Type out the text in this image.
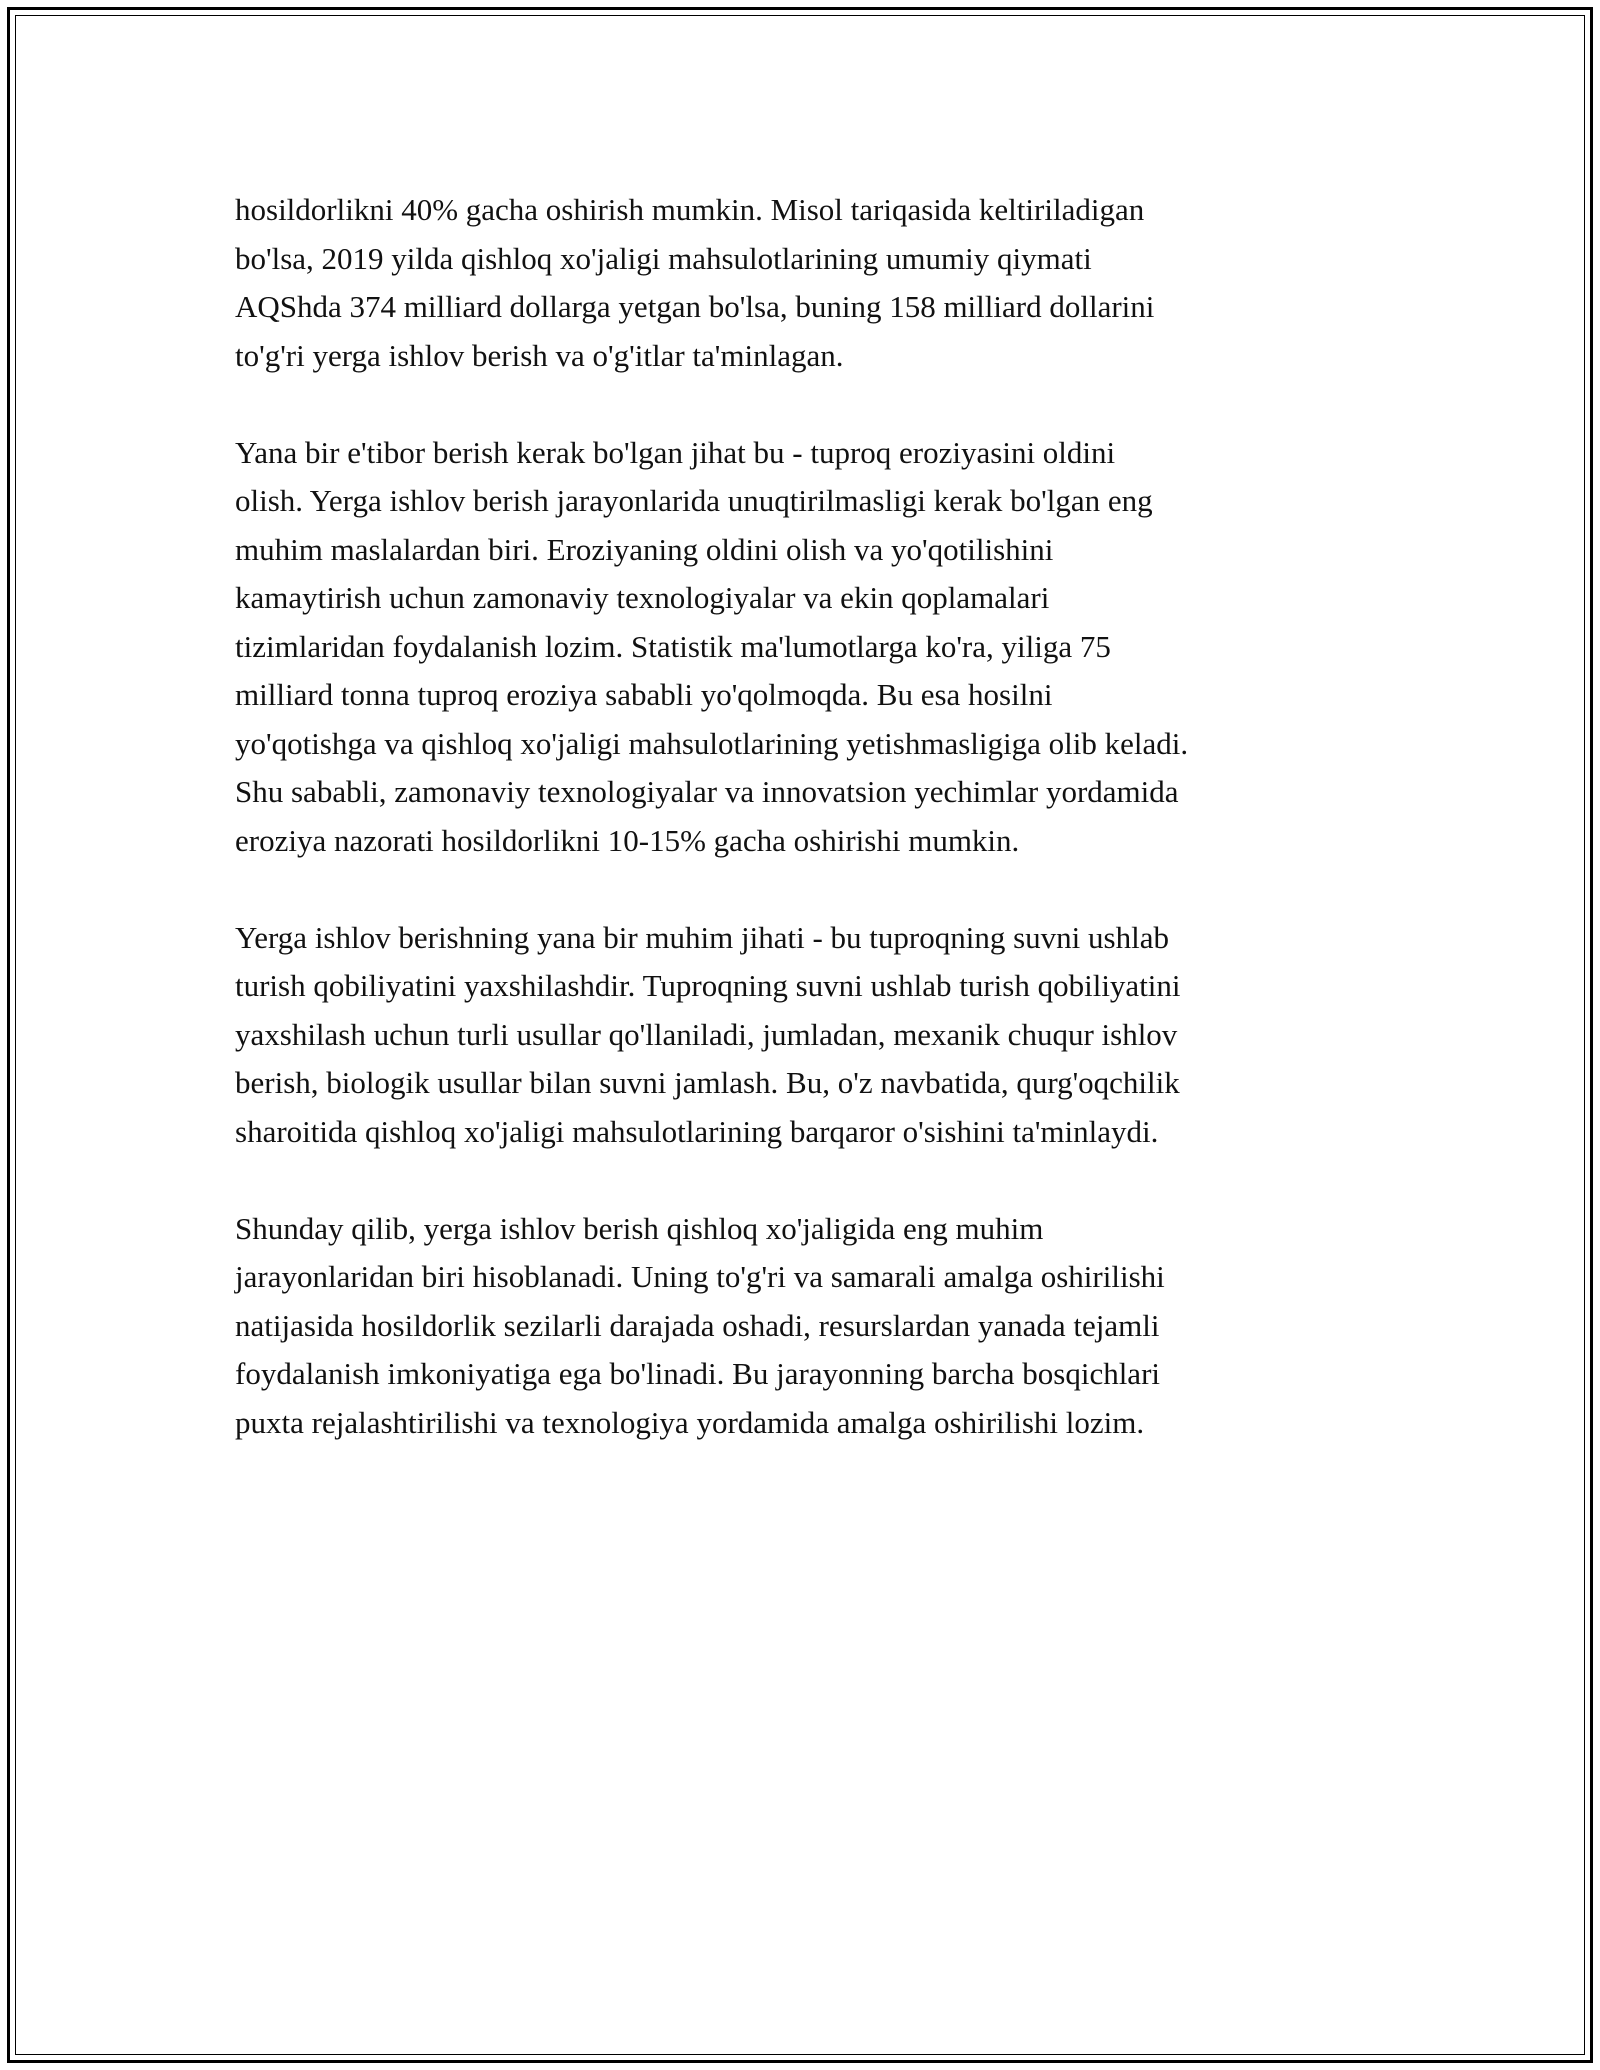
hosildorlikni 40% gacha oshirish mumkin. Misol tariqasida keltiriladigan
bo'lsa, 2019 yilda qishloq xo'jaligi mahsulotlarining umumiy qiymati
AQShda 374 milliard dollarga yetgan bo'lsa, buning 158 milliard dollarini
to'g'ri yerga ishlov berish va o'g'itlar ta'minlagan.

Yana bir e'tibor berish kerak bo'lgan jihat bu - tuproq eroziyasini oldini
olish. Yerga ishlov berish jarayonlarida unuqtirilmasligi kerak bo'lgan eng
muhim maslalardan biri. Eroziyaning oldini olish va yo'qotilishini
kamaytirish uchun zamonaviy texnologiyalar va ekin qoplamalari
tizimlaridan foydalanish lozim. Statistik ma'lumotlarga ko'ra, yiliga 75
milliard tonna tuproq eroziya sababli yo'qolmoqda. Bu esa hosilni
yo'qotishga va qishloq xo'jaligi mahsulotlarining yetishmasligiga olib keladi.
Shu sababli, zamonaviy texnologiyalar va innovatsion yechimlar yordamida
eroziya nazorati hosildorlikni 10-15% gacha oshirishi mumkin.

Yerga ishlov berishning yana bir muhim jihati - bu tuproqning suvni ushlab
turish qobiliyatini yaxshilashdir. Tuproqning suvni ushlab turish qobiliyatini
yaxshilash uchun turli usullar qo'llaniladi, jumladan, mexanik chuqur ishlov
berish, biologik usullar bilan suvni jamlash. Bu, o'z navbatida, qurg'oqchilik
sharoitida qishloq xo'jaligi mahsulotlarining barqaror o'sishini ta'minlaydi.

Shunday qilib, yerga ishlov berish qishloq xo'jaligida eng muhim
jarayonlaridan biri hisoblanadi. Uning to'g'ri va samarali amalga oshirilishi
natijasida hosildorlik sezilarli darajada oshadi, resurslardan yanada tejamli
foydalanish imkoniyatiga ega bo'linadi. Bu jarayonning barcha bosqichlari
puxta rejalashtirilishi va texnologiya yordamida amalga oshirilishi lozim.
